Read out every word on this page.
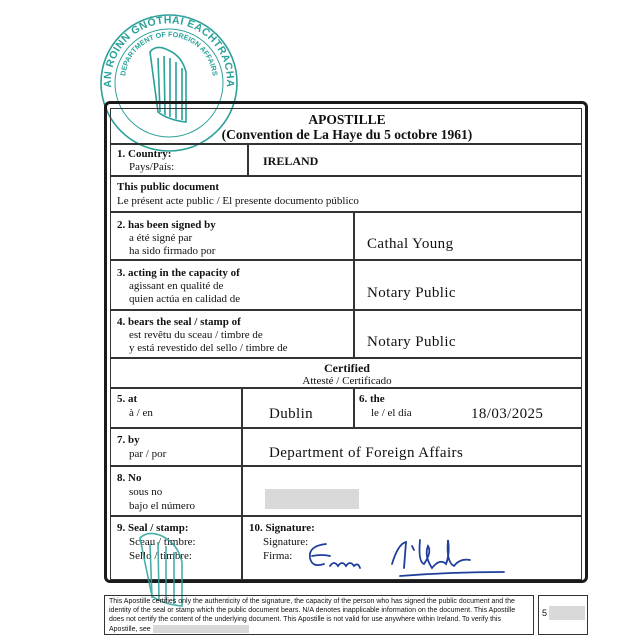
AN ROINN GNÓTHAÍ EACHTRACHA
DEPARTMENT OF FOREIGN AFFAIRS
APOSTILLE
(Convention de La Haye du 5 octobre 1961)
1. Country:
Pays/País:	IRELAND
This public document
Le présent acte public / El presente documento público
2. has been signed by
a été signé par
ha sido firmado por	Cathal Young
3. acting in the capacity of
agissant en qualité de
quien actúa en calidad de	Notary Public
4. bears the seal / stamp of
est revêtu du sceau / timbre de
y está revestido del sello / timbre de	Notary Public
Certified
Attesté / Certificado
5. at
à / en	Dublin
6. the
le / el día	18/03/2025
7. by
par / por	Department of Foreign Affairs
8. No
sous no
bajo el número
9. Seal / stamp:
Sceau / timbre:
Sello / timbre:
10. Signature:
Signature:
Firma:
This Apostille certifies only the authenticity of the signature, the capacity of the person who has signed the public document and the identity of the seal or stamp which the public document bears. N/A denotes inapplicable information on the document. This Apostille does not certify the content of the underlying document. This Apostille is not valid for use anywhere within Ireland. To verify this Apostille, see
5
